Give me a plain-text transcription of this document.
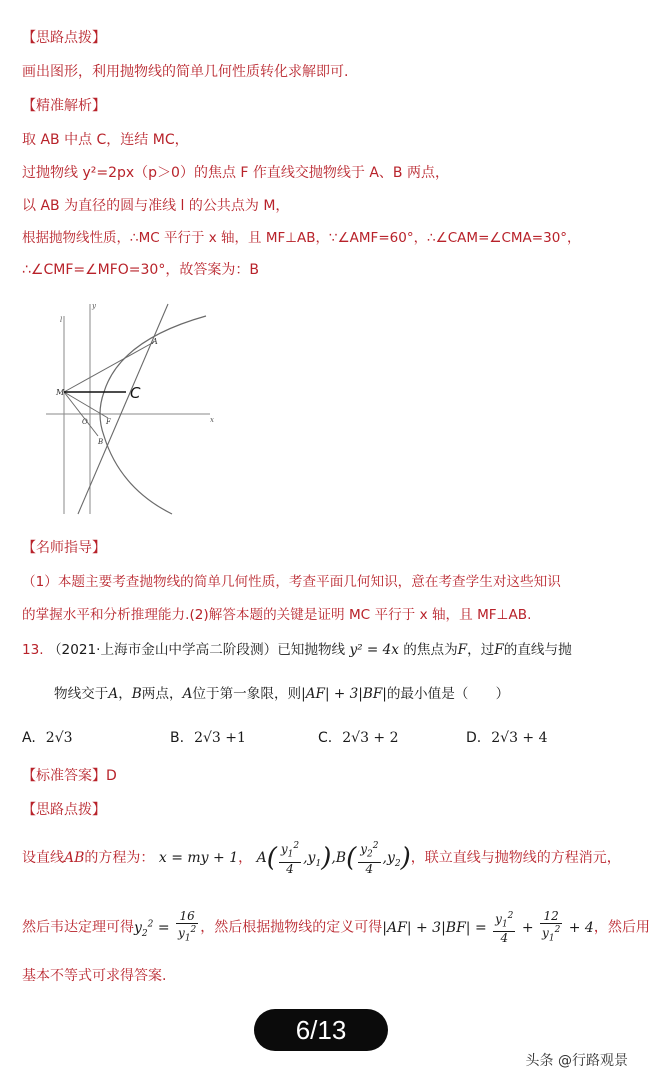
【思路点拨】
画出图形，利用抛物线的简单几何性质转化求解即可.
【精准解析】
取 AB 中点 C，连结 MC，
过抛物线 y²=2px（p＞0）的焦点 F 作直线交抛物线于 A、B 两点，
以 AB 为直径的圆与准线 l 的公共点为 M，
根据抛物线性质，∴MC 平行于 x 轴，且 MF⊥AB，∵∠AMF=60°，∴∠CAM=∠CMA=30°，
∴∠CMF=∠MFO=30°，故答案为：B
A
C
M
O	F
B
y
x
l
【名师指导】
（1）本题主要考查抛物线的简单几何性质，考查平面几何知识，意在考查学生对这些知识
的掌握水平和分析推理能力.(2)解答本题的关键是证明 MC 平行于 x 轴，且 MF⊥AB.
13. （2021·上海市金山中学高二阶段测）已知抛物线 y² = 4x 的焦点为F，过F的直线与抛
物线交于A，B两点，A位于第一象限，则|AF| + 3|BF|的最小值是（　　）
A. 2√3	B. 2√3 +1	C. 2√3 + 2	D. 2√3 + 4
【标准答案】D
【思路点拨】
设直线AB的方程为： x = my + 1， $A( \frac{y_1^2}{4} ,y_1),B( \frac{y_2^2}{4} ,y_2)$，联立直线与抛物线的方程消元，
然后韦达定理可得$y_2^2 = \frac{16}{y_1^2}$ ，然后根据抛物线的定义可得$|AF| + 3|BF| = \frac{y_1^2}{4} + \frac{12}{y_1^2} + 4$，然后用
基本不等式可求得答案.
6/13
头条 @行路观景
